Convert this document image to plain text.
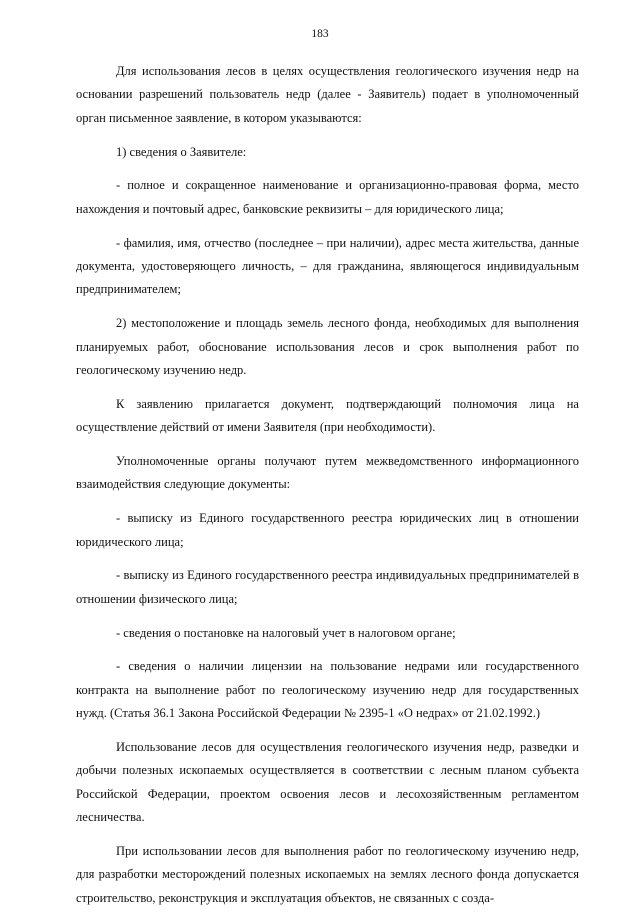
183

Для использования лесов в целях осуществления геологического изучения недр на основании разрешений пользователь недр (далее - Заявитель) подает в уполномоченный орган письменное заявление, в котором указываются:

1) сведения о Заявителе:

- полное и сокращенное наименование и организационно-правовая форма, место нахождения и почтовый адрес, банковские реквизиты – для юридического лица;

- фамилия, имя, отчество (последнее – при наличии), адрес места жительства, данные документа, удостоверяющего личность, – для гражданина, являющегося индивидуальным предпринимателем;

2) местоположение и площадь земель лесного фонда, необходимых для выполнения планируемых работ, обоснование использования лесов и срок выполнения работ по геологическому изучению недр.

К заявлению прилагается документ, подтверждающий полномочия лица на осуществление действий от имени Заявителя (при необходимости).

Уполномоченные органы получают путем межведомственного информационного взаимодействия следующие документы:

- выписку из Единого государственного реестра юридических лиц в отношении юридического лица;

- выписку из Единого государственного реестра индивидуальных предпринимателей в отношении физического лица;

- сведения о постановке на налоговый учет в налоговом органе;

- сведения о наличии лицензии на пользование недрами или государственного контракта на выполнение работ по геологическому изучению недр для государственных нужд. (Статья 36.1 Закона Российской Федерации № 2395-1 «О недрах» от 21.02.1992.)

Использование лесов для осуществления геологического изучения недр, разведки и добычи полезных ископаемых осуществляется в соответствии с лесным планом субъекта Российской Федерации, проектом освоения лесов и лесохозяйственным регламентом лесничества.

При использовании лесов для выполнения работ по геологическому изучению недр, для разработки месторождений полезных ископаемых на землях лесного фонда допускается строительство, реконструкция и эксплуатация объектов, не связанных с созда-
